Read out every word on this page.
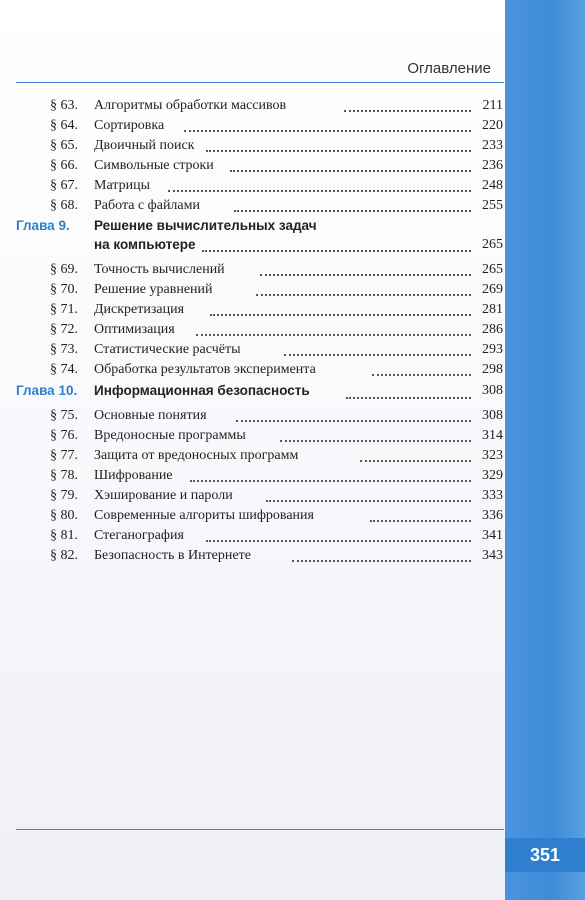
Оглавление
§ 63.	Алгоритмы обработки массивов	211
§ 64.	Сортировка	220
§ 65.	Двоичный поиск	233
§ 66.	Символьные строки	236
§ 67.	Матрицы	248
§ 68.	Работа с файлами	255
Глава 9. Решение вычислительных задач
на компьютере	265
§ 69.	Точность вычислений	265
§ 70.	Решение уравнений	269
§ 71.	Дискретизация	281
§ 72.	Оптимизация	286
§ 73.	Статистические расчёты	293
§ 74.	Обработка результатов эксперимента	298
Глава 10. Информационная безопасность	308
§ 75.	Основные понятия	308
§ 76.	Вредоносные программы	314
§ 77.	Защита от вредоносных программ	323
§ 78.	Шифрование	329
§ 79.	Хэширование и пароли	333
§ 80.	Современные алгориты шифрования	336
§ 81.	Стеганография	341
§ 82.	Безопасность в Интернете	343
351
